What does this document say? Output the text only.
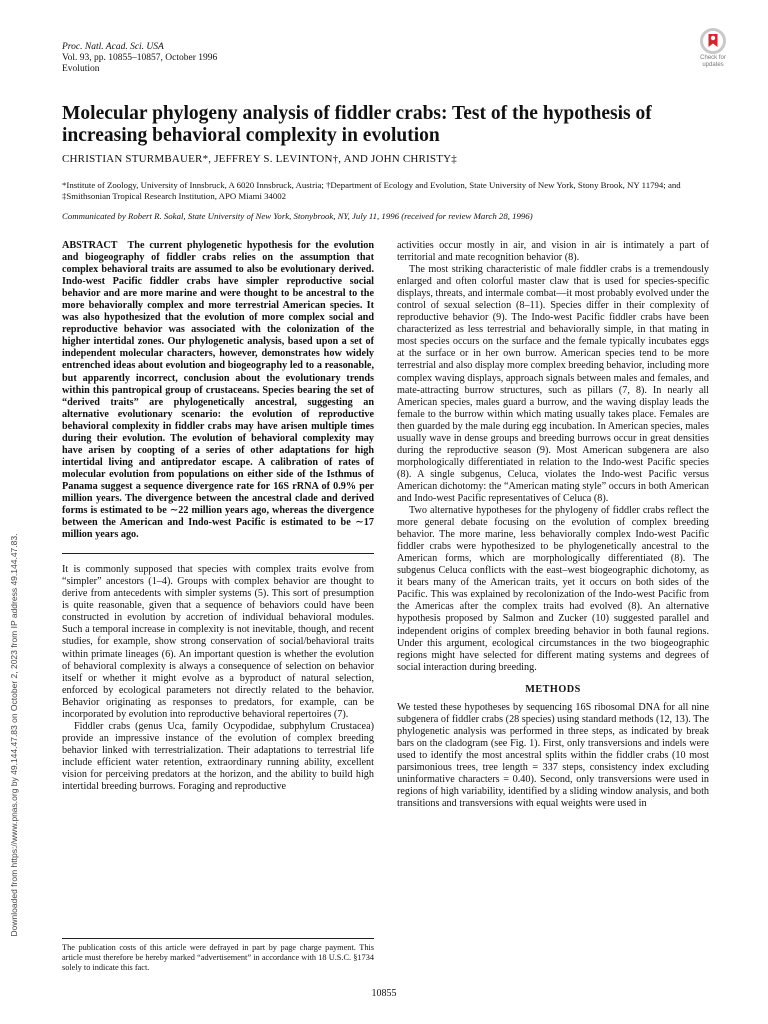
Downloaded from https://www.pnas.org by 49.144.47.83 on October 2, 2023 from IP address 49.144.47.83.
Proc. Natl. Acad. Sci. USA
Vol. 93, pp. 10855–10857, October 1996
Evolution
Check for updates
Molecular phylogeny analysis of fiddler crabs: Test of the hypothesis of increasing behavioral complexity in evolution
CHRISTIAN STURMBAUER*, JEFFREY S. LEVINTON†, AND JOHN CHRISTY‡
*Institute of Zoology, University of Innsbruck, A 6020 Innsbruck, Austria; †Department of Ecology and Evolution, State University of New York, Stony Brook, NY 11794; and ‡Smithsonian Tropical Research Institution, APO Miami 34002
Communicated by Robert R. Sokal, State University of New York, Stonybrook, NY, July 11, 1996 (received for review March 28, 1996)

ABSTRACT The current phylogenetic hypothesis for the evolution and biogeography of fiddler crabs relies on the assumption that complex behavioral traits are assumed to also be evolutionary derived. Indo-west Pacific fiddler crabs have simpler reproductive social behavior and are more marine and were thought to be ancestral to the more behaviorally complex and more terrestrial American species. It was also hypothesized that the evolution of more complex social and reproductive behavior was associated with the colonization of the higher intertidal zones. Our phylogenetic analysis, based upon a set of independent molecular characters, however, demonstrates how widely entrenched ideas about evolution and biogeography led to a reasonable, but apparently incorrect, conclusion about the evolutionary trends within this pantropical group of crustaceans. Species bearing the set of “derived traits” are phylogenetically ancestral, suggesting an alternative evolutionary scenario: the evolution of reproductive behavioral complexity in fiddler crabs may have arisen multiple times during their evolution. The evolution of behavioral complexity may have arisen by coopting of a series of other adaptations for high intertidal living and antipredator escape. A calibration of rates of molecular evolution from populations on either side of the Isthmus of Panama suggest a sequence divergence rate for 16S rRNA of 0.9% per million years. The divergence between the ancestral clade and derived forms is estimated to be ∼22 million years ago, whereas the divergence between the American and Indo-west Pacific is estimated to be ∼17 million years ago.

It is commonly supposed that species with complex traits evolve from “simpler” ancestors (1–4). Groups with complex behavior are thought to derive from antecedents with simpler systems (5). This sort of presumption is quite reasonable, given that a sequence of behaviors could have been constructed in evolution by accretion of individual behavioral modules. Such a temporal increase in complexity is not inevitable, though, and recent studies, for example, show strong conservation of social/behavioral traits within primate lineages (6). An important question is whether the evolution of behavioral complexity is always a consequence of selection on behavior itself or whether it might evolve as a byproduct of natural selection, enforced by ecological parameters not directly related to the behavior. Behavior originating as responses to predators, for example, can be incorporated by evolution into reproductive behavioral repertoires (7).

Fiddler crabs (genus Uca, family Ocypodidae, subphylum Crustacea) provide an impressive instance of the evolution of complex breeding behavior linked with terrestrialization. Their adaptations to terrestrial life include efficient water retention, extraordinary running ability, excellent vision for perceiving predators at the horizon, and the ability to build high intertidal breeding burrows. Foraging and reproductive

activities occur mostly in air, and vision in air is intimately a part of territorial and mate recognition behavior (8).

The most striking characteristic of male fiddler crabs is a tremendously enlarged and often colorful master claw that is used for species-specific displays, threats, and intermale combat—it most probably evolved under the control of sexual selection (8–11). Species differ in their complexity of reproductive behavior (9). The Indo-west Pacific fiddler crabs have been characterized as less terrestrial and behaviorally simple, in that mating in most species occurs on the surface and the female typically incubates eggs at the surface or in her own burrow. American species tend to be more terrestrial and also display more complex breeding behavior, including more complex waving displays, approach signals between males and females, and mate-attracting burrow structures, such as pillars (7, 8). In nearly all American species, males guard a burrow, and the waving display leads the female to the burrow within which mating usually takes place. Females are then guarded by the male during egg incubation. In American species, males usually wave in dense groups and breeding burrows occur in great densities during the reproductive season (9). Most American subgenera are also morphologically differentiated in relation to the Indo-west Pacific species (8). A single subgenus, Celuca, violates the Indo-west Pacific versus American dichotomy: the “American mating style” occurs in both American and Indo-west Pacific representatives of Celuca (8).

Two alternative hypotheses for the phylogeny of fiddler crabs reflect the more general debate focusing on the evolution of complex breeding behavior. The more marine, less behaviorally complex Indo-west Pacific fiddler crabs were hypothesized to be phylogenetically ancestral to the American forms, which are morphologically differentiated (8). The subgenus Celuca conflicts with the east–west biogeographic dichotomy, as it bears many of the American traits, yet it occurs on both sides of the Pacific. This was explained by recolonization of the Indo-west Pacific from the Americas after the complex traits had evolved (8). An alternative hypothesis proposed by Salmon and Zucker (10) suggested parallel and independent origins of complex breeding behavior in both faunal regions. Under this argument, ecological circumstances in the two biogeographic regions might have selected for different mating systems and degrees of social interaction during breeding.

METHODS

We tested these hypotheses by sequencing 16S ribosomal DNA for all nine subgenera of fiddler crabs (28 species) using standard methods (12, 13). The phylogenetic analysis was performed in three steps, as indicated by break bars on the cladogram (see Fig. 1). First, only transversions and indels were used to identify the most ancestral splits within the fiddler crabs (10 most parsimonious trees, tree length = 337 steps, consistency index excluding uninformative characters = 0.40). Second, only transversions were used in regions of high variability, identified by a sliding window analysis, and both transitions and transversions with equal weights were used in

The publication costs of this article were defrayed in part by page charge payment. This article must therefore be hereby marked “advertisement” in accordance with 18 U.S.C. §1734 solely to indicate this fact.
10855
